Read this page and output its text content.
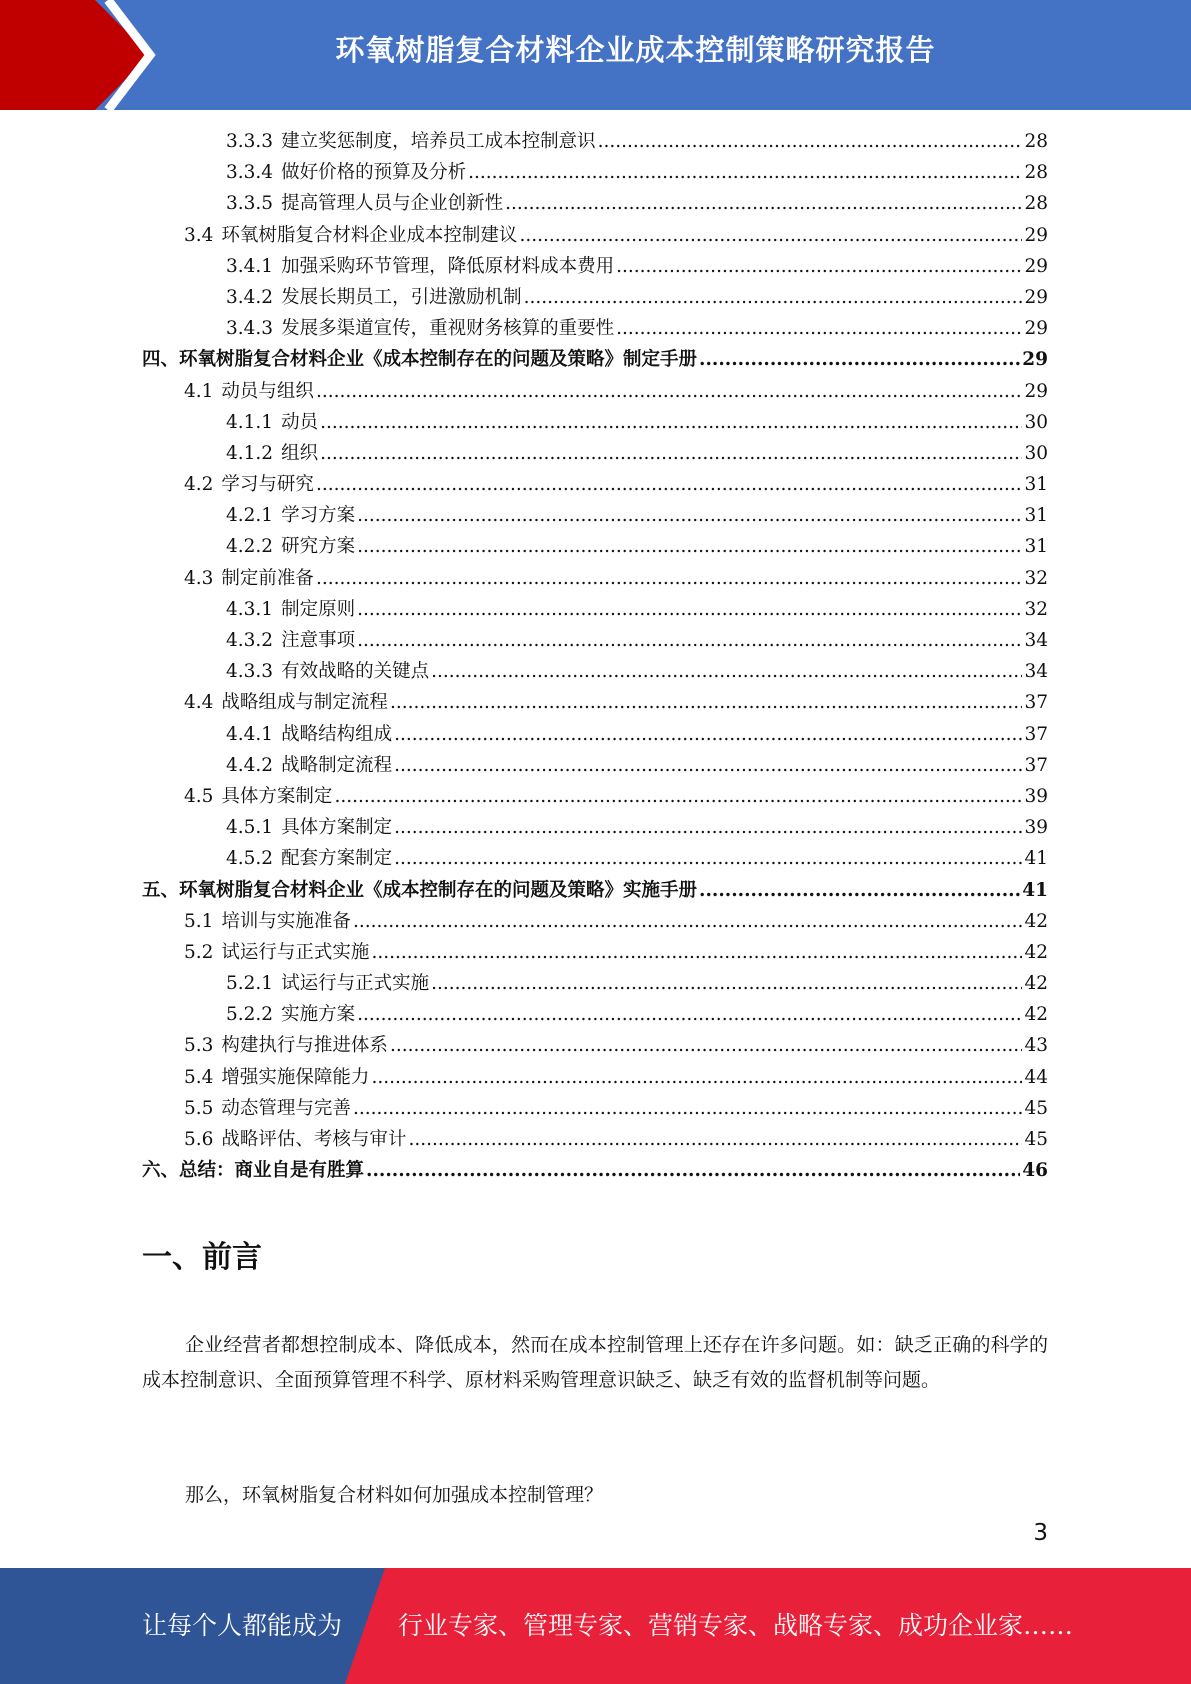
环氧树脂复合材料企业成本控制策略研究报告
3.3.3 建立奖惩制度，培养员工成本控制意识 .....	28
3.3.4 做好价格的预算及分析 .....	28
3.3.5 提高管理人员与企业创新性 .....	28
3.4 环氧树脂复合材料企业成本控制建议 .....	29
3.4.1 加强采购环节管理，降低原材料成本费用 .....	29
3.4.2 发展长期员工，引进激励机制 .....	29
3.4.3 发展多渠道宣传，重视财务核算的重要性 .....	29
四、环氧树脂复合材料企业《成本控制存在的问题及策略》制定手册 .....	29
4.1 动员与组织 .....	29
4.1.1 动员 .....	30
4.1.2 组织 .....	30
4.2 学习与研究 .....	31
4.2.1 学习方案 .....	31
4.2.2 研究方案 .....	31
4.3 制定前准备 .....	32
4.3.1 制定原则 .....	32
4.3.2 注意事项 .....	34
4.3.3 有效战略的关键点 .....	34
4.4 战略组成与制定流程 .....	37
4.4.1 战略结构组成 .....	37
4.4.2 战略制定流程 .....	37
4.5 具体方案制定 .....	39
4.5.1 具体方案制定 .....	39
4.5.2 配套方案制定 .....	41
五、环氧树脂复合材料企业《成本控制存在的问题及策略》实施手册 .....	41
5.1 培训与实施准备 .....	42
5.2 试运行与正式实施 .....	42
5.2.1 试运行与正式实施 .....	42
5.2.2 实施方案 .....	42
5.3 构建执行与推进体系 .....	43
5.4 增强实施保障能力 .....	44
5.5 动态管理与完善 .....	45
5.6 战略评估、考核与审计 .....	45
六、总结：商业自是有胜算 .....	46
一、前言
企业经营者都想控制成本、降低成本，然而在成本控制管理上还存在许多问题。如：缺乏正确的科学的成本控制意识、全面预算管理不科学、原材料采购管理意识缺乏、缺乏有效的监督机制等问题。
那么，环氧树脂复合材料如何加强成本控制管理？
3
让每个人都能成为 行业专家、管理专家、营销专家、战略专家、成功企业家……
